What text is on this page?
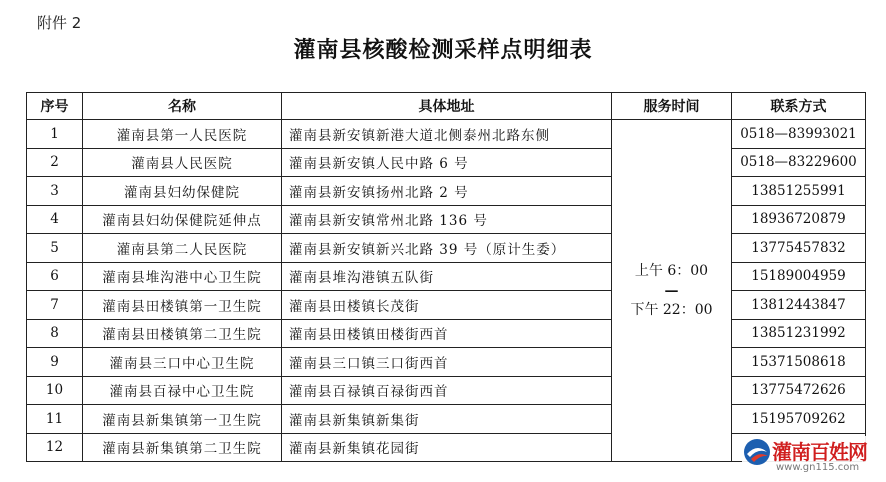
附件 2
灌南县核酸检测采样点明细表
序号	名称	具体地址	服务时间	联系方式
1	灌南县第一人民医院	灌南县新安镇新港大道北侧泰州北路东侧	上午 6：00
—
下午 22：00	0518—83993021
2	灌南县人民医院	灌南县新安镇人民中路 6 号		0518—83229600
3	灌南县妇幼保健院	灌南县新安镇扬州北路 2 号		13851255991
4	灌南县妇幼保健院延伸点	灌南县新安镇常州北路 136 号		18936720879
5	灌南县第二人民医院	灌南县新安镇新兴北路 39 号（原计生委）		13775457832
6	灌南县堆沟港中心卫生院	灌南县堆沟港镇五队街		15189004959
7	灌南县田楼镇第一卫生院	灌南县田楼镇长茂街		13812443847
8	灌南县田楼镇第二卫生院	灌南县田楼镇田楼街西首		13851231992
9	灌南县三口中心卫生院	灌南县三口镇三口街西首		15371508618
10	灌南县百禄中心卫生院	灌南县百禄镇百禄街西首		13775472626
11	灌南县新集镇第一卫生院	灌南县新集镇新集街		15195709262
12	灌南县新集镇第二卫生院	灌南县新集镇花园街			灌南百姓网
www.gn115.com
